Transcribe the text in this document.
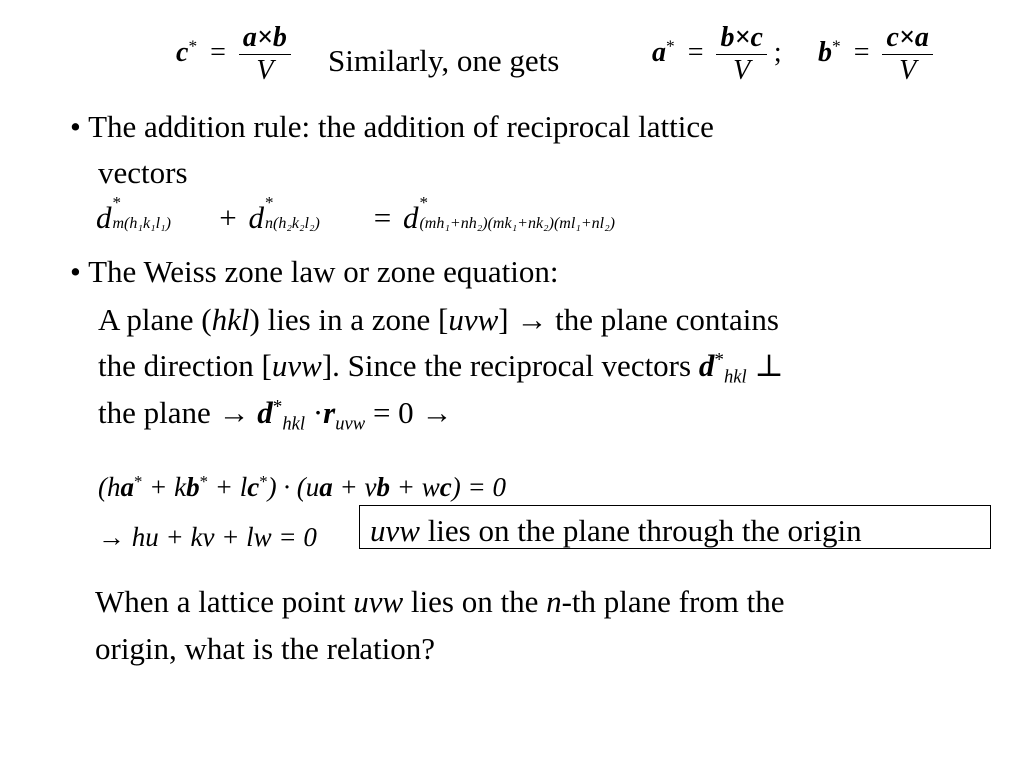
$c^* = \frac{a\times b}{V}$ Similarly, one gets	$a^* = \frac{b\times c}{V}$ ; $b^* = \frac{c\times a}{V}$
• The addition rule: the addition of reciprocal lattice
vectors
d *
m(h₁k₁l₁) + d *
n(h₂k₂l₂) = d *
(mh₁+nh₂)(mk₁+nk₂)(ml₁+nl₂)

• The Weiss zone law or zone equation:
A plane (hkl) lies in a zone [uvw] → the plane contains
the direction [uvw]. Since the reciprocal vectors $d^*_{hkl}$ ⊥
the plane → $d^*_{hkl} \cdot r_{uvw} = 0$ →
(ha* + kb* + lc*) · (ua + vb + wc) = 0
→ hu + kv + lw = 0	uvw lies on the plane through the origin
When a lattice point uvw lies on the n-th plane from the
origin, what is the relation?
